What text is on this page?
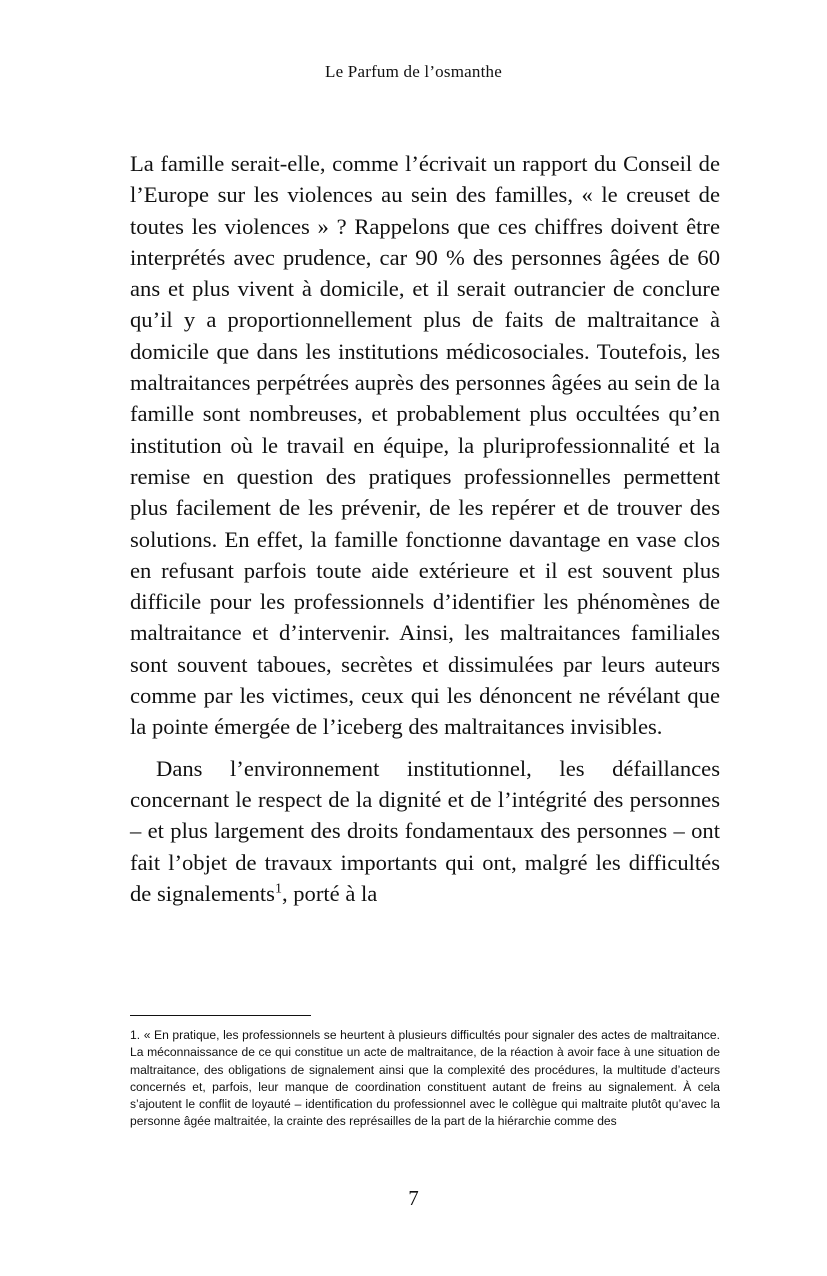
Le Parfum de l’osmanthe

La famille serait-elle, comme l’écrivait un rapport du Conseil de l’Europe sur les violences au sein des familles, « le creuset de toutes les violences » ? Rappelons que ces chiffres doivent être interprétés avec prudence, car 90 % des personnes âgées de 60 ans et plus vivent à domicile, et il serait outrancier de conclure qu’il y a proportionnellement plus de faits de maltraitance à domicile que dans les institutions médicosociales. Toutefois, les maltraitances perpétrées auprès des personnes âgées au sein de la famille sont nombreuses, et probablement plus occultées qu’en institution où le travail en équipe, la pluriprofessionnalité et la remise en question des pratiques professionnelles permettent plus facilement de les prévenir, de les repérer et de trouver des solutions. En effet, la famille fonctionne davantage en vase clos en refusant parfois toute aide extérieure et il est souvent plus difficile pour les professionnels d’identifier les phénomènes de maltraitance et d’intervenir. Ainsi, les maltraitances familiales sont souvent taboues, secrètes et dissimulées par leurs auteurs comme par les victimes, ceux qui les dénoncent ne révélant que la pointe émergée de l’iceberg des maltraitances invisibles.

Dans l’environnement institutionnel, les défaillances concernant le respect de la dignité et de l’intégrité des personnes – et plus largement des droits fondamentaux des personnes – ont fait l’objet de travaux importants qui ont, malgré les difficultés de signalements$^1$, porté à la

1. « En pratique, les professionnels se heurtent à plusieurs difficultés pour signaler des actes de maltraitance. La méconnaissance de ce qui constitue un acte de maltraitance, de la réaction à avoir face à une situation de maltraitance, des obligations de signalement ainsi que la complexité des procédures, la multitude d’acteurs concernés et, parfois, leur manque de coordination constituent autant de freins au signalement. À cela s’ajoutent le conflit de loyauté – identification du professionnel avec le collègue qui maltraite plutôt qu’avec la personne âgée maltraitée, la crainte des représailles de la part de la hiérarchie comme des
7
